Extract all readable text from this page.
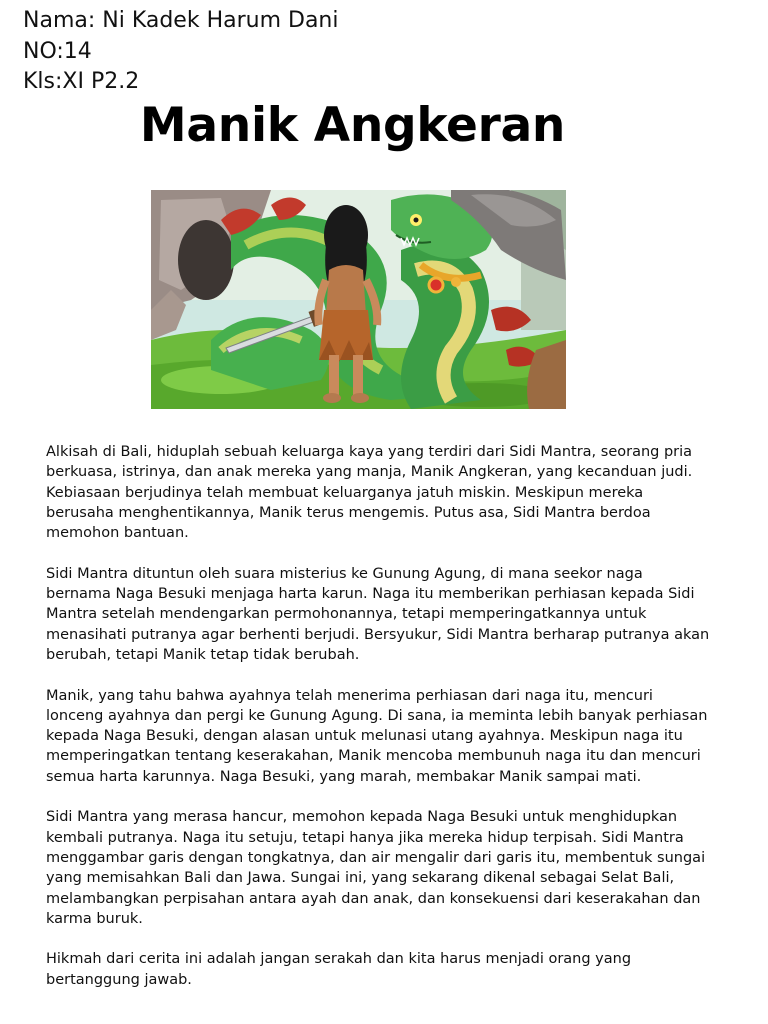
Nama: Ni Kadek Harum Dani
NO:14
Kls:XI P2.2
Manik Angkeran

Alkisah di Bali, hiduplah sebuah keluarga kaya yang terdiri dari Sidi Mantra, seorang pria berkuasa, istrinya, dan anak mereka yang manja, Manik Angkeran, yang kecanduan judi. Kebiasaan berjudinya telah membuat keluarganya jatuh miskin. Meskipun mereka berusaha menghentikannya, Manik terus mengemis. Putus asa, Sidi Mantra berdoa memohon bantuan.

Sidi Mantra dituntun oleh suara misterius ke Gunung Agung, di mana seekor naga bernama Naga Besuki menjaga harta karun. Naga itu memberikan perhiasan kepada Sidi Mantra setelah mendengarkan permohonannya, tetapi memperingatkannya untuk menasihati putranya agar berhenti berjudi. Bersyukur, Sidi Mantra berharap putranya akan berubah, tetapi Manik tetap tidak berubah.

Manik, yang tahu bahwa ayahnya telah menerima perhiasan dari naga itu, mencuri lonceng ayahnya dan pergi ke Gunung Agung. Di sana, ia meminta lebih banyak perhiasan kepada Naga Besuki, dengan alasan untuk melunasi utang ayahnya. Meskipun naga itu memperingatkan tentang keserakahan, Manik mencoba membunuh naga itu dan mencuri semua harta karunnya. Naga Besuki, yang marah, membakar Manik sampai mati.

Sidi Mantra yang merasa hancur, memohon kepada Naga Besuki untuk menghidupkan kembali putranya. Naga itu setuju, tetapi hanya jika mereka hidup terpisah. Sidi Mantra menggambar garis dengan tongkatnya, dan air mengalir dari garis itu, membentuk sungai yang memisahkan Bali dan Jawa. Sungai ini, yang sekarang dikenal sebagai Selat Bali, melambangkan perpisahan antara ayah dan anak, dan konsekuensi dari keserakahan dan karma buruk.

Hikmah dari cerita ini adalah jangan serakah dan kita harus menjadi orang yang bertanggung jawab.
